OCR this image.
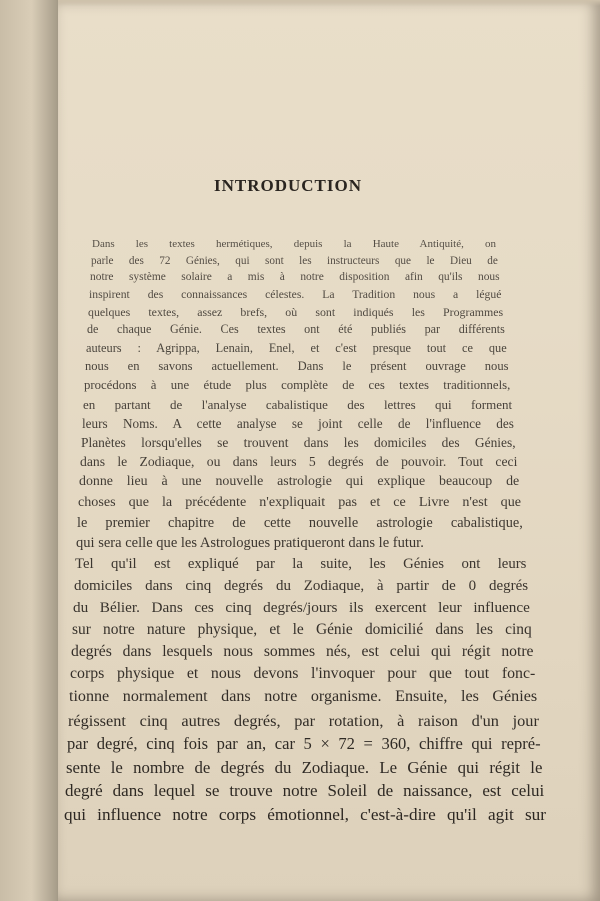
INTRODUCTION
Dans les textes hermétiques, depuis la Haute Antiquité, on
parle des 72 Génies, qui sont les instructeurs que le Dieu de
notre système solaire a mis à notre disposition afin qu'ils nous
inspirent des connaissances célestes. La Tradition nous a légué
quelques textes, assez brefs, où sont indiqués les Programmes
de chaque Génie. Ces textes ont été publiés par différents
auteurs : Agrippa, Lenain, Enel, et c'est presque tout ce que
nous en savons actuellement. Dans le présent ouvrage nous
procédons à une étude plus complète de ces textes traditionnels,
en partant de l'analyse cabalistique des lettres qui forment
leurs Noms. A cette analyse se joint celle de l'influence des
Planètes lorsqu'elles se trouvent dans les domiciles des Génies,
dans le Zodiaque, ou dans leurs 5 degrés de pouvoir. Tout ceci
donne lieu à une nouvelle astrologie qui explique beaucoup de
choses que la précédente n'expliquait pas et ce Livre n'est que
le premier chapitre de cette nouvelle astrologie cabalistique,
qui sera celle que les Astrologues pratiqueront dans le futur.
Tel qu'il est expliqué par la suite, les Génies ont leurs
domiciles dans cinq degrés du Zodiaque, à partir de 0 degrés
du Bélier. Dans ces cinq degrés/jours ils exercent leur influence
sur notre nature physique, et le Génie domicilié dans les cinq
degrés dans lesquels nous sommes nés, est celui qui régit notre
corps physique et nous devons l'invoquer pour que tout fonc-
tionne normalement dans notre organisme. Ensuite, les Génies
régissent cinq autres degrés, par rotation, à raison d'un jour
par degré, cinq fois par an, car 5 × 72 = 360, chiffre qui repré-
sente le nombre de degrés du Zodiaque. Le Génie qui régit le
degré dans lequel se trouve notre Soleil de naissance, est celui
qui influence notre corps émotionnel, c'est-à-dire qu'il agit sur
